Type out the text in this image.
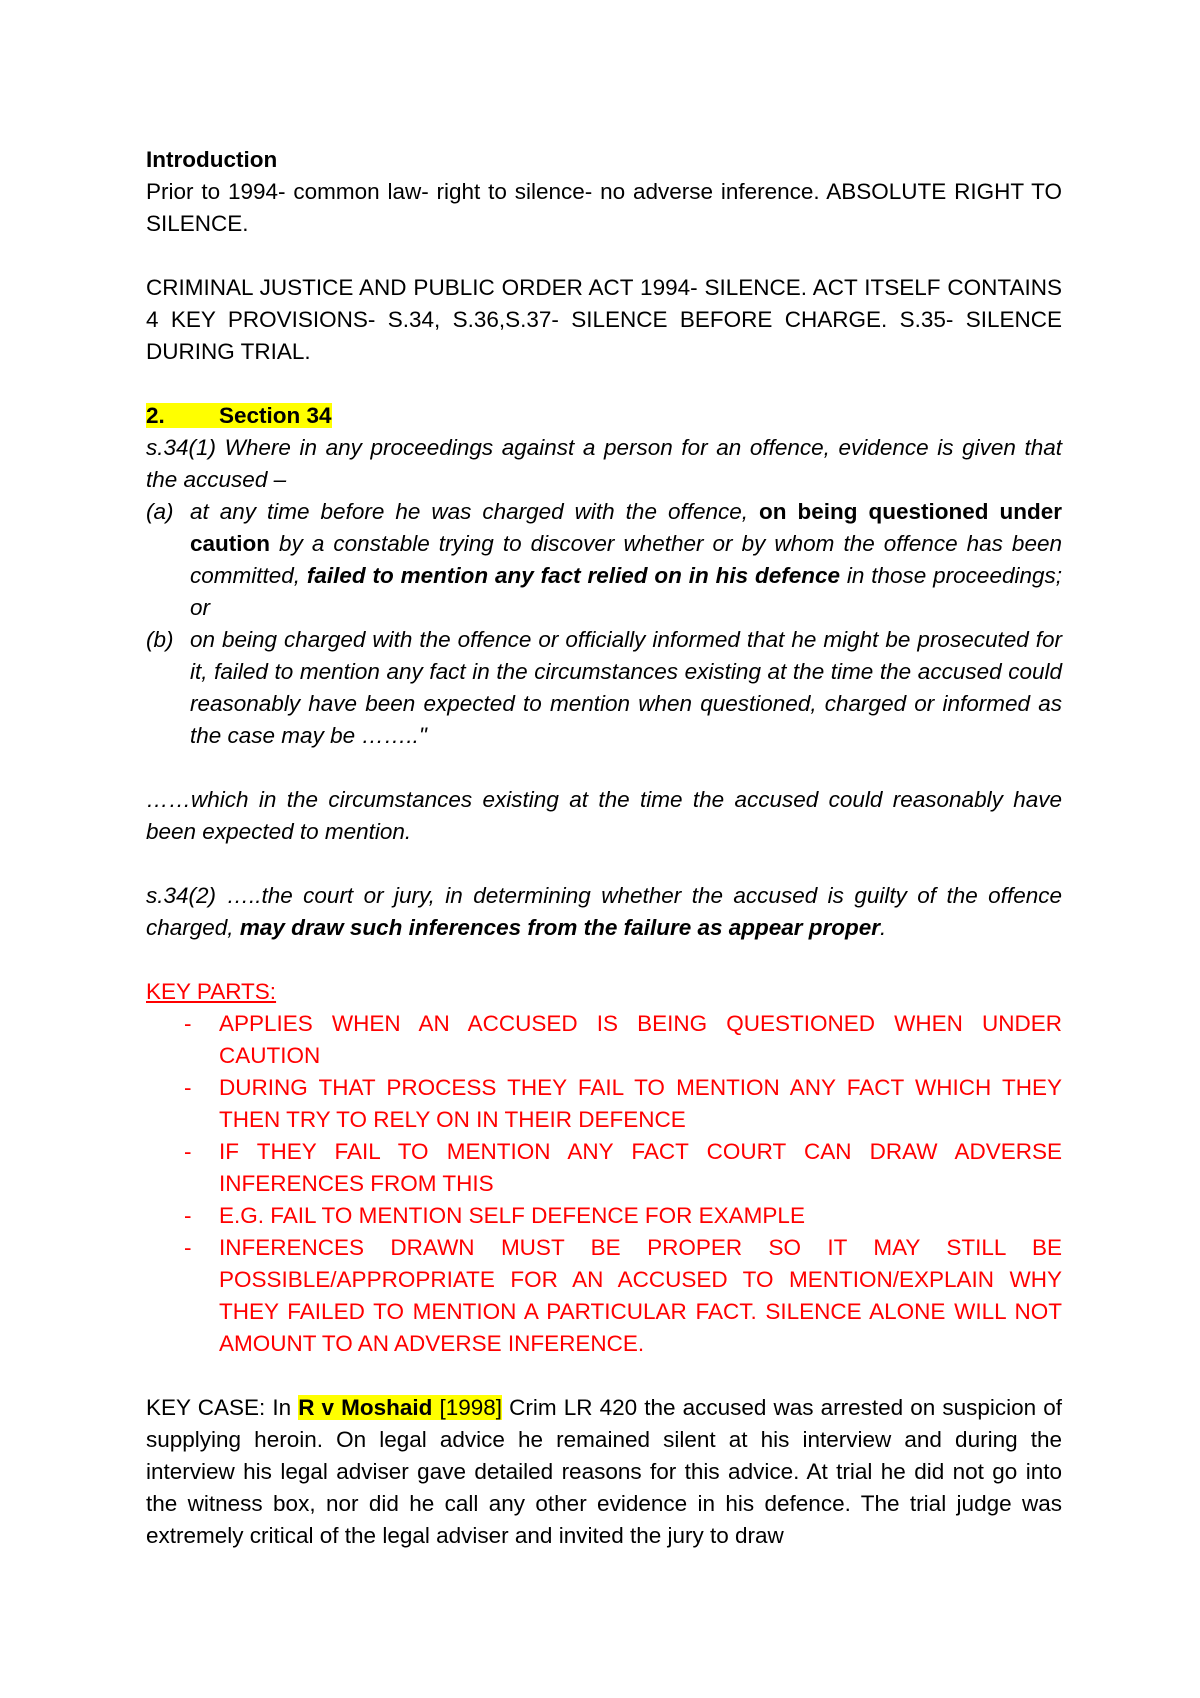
Introduction

Prior to 1994- common law- right to silence- no adverse inference. ABSOLUTE RIGHT TO SILENCE.

CRIMINAL JUSTICE AND PUBLIC ORDER ACT 1994- SILENCE. ACT ITSELF CONTAINS 4 KEY PROVISIONS- S.34, S.36,S.37- SILENCE BEFORE CHARGE. S.35- SILENCE DURING TRIAL.

2. Section 34

s.34(1) Where in any proceedings against a person for an offence, evidence is given that the accused –

(a) at any time before he was charged with the offence, on being questioned under caution by a constable trying to discover whether or by whom the offence has been committed, failed to mention any fact relied on in his defence in those proceedings; or
(b) on being charged with the offence or officially informed that he might be prosecuted for it, failed to mention any fact in the circumstances existing at the time the accused could reasonably have been expected to mention when questioned, charged or informed as the case may be …….."

……which in the circumstances existing at the time the accused could reasonably have been expected to mention.

s.34(2) …..the court or jury, in determining whether the accused is guilty of the offence charged, may draw such inferences from the failure as appear proper.

KEY PARTS:

- APPLIES WHEN AN ACCUSED IS BEING QUESTIONED WHEN UNDER CAUTION
- DURING THAT PROCESS THEY FAIL TO MENTION ANY FACT WHICH THEY THEN TRY TO RELY ON IN THEIR DEFENCE
- IF THEY FAIL TO MENTION ANY FACT COURT CAN DRAW ADVERSE INFERENCES FROM THIS
- E.G. FAIL TO MENTION SELF DEFENCE FOR EXAMPLE
- INFERENCES DRAWN MUST BE PROPER SO IT MAY STILL BE POSSIBLE/APPROPRIATE FOR AN ACCUSED TO MENTION/EXPLAIN WHY THEY FAILED TO MENTION A PARTICULAR FACT. SILENCE ALONE WILL NOT AMOUNT TO AN ADVERSE INFERENCE.

KEY CASE: In R v Moshaid [1998] Crim LR 420 the accused was arrested on suspicion of supplying heroin. On legal advice he remained silent at his interview and during the interview his legal adviser gave detailed reasons for this advice. At trial he did not go into the witness box, nor did he call any other evidence in his defence. The trial judge was extremely critical of the legal adviser and invited the jury to draw
